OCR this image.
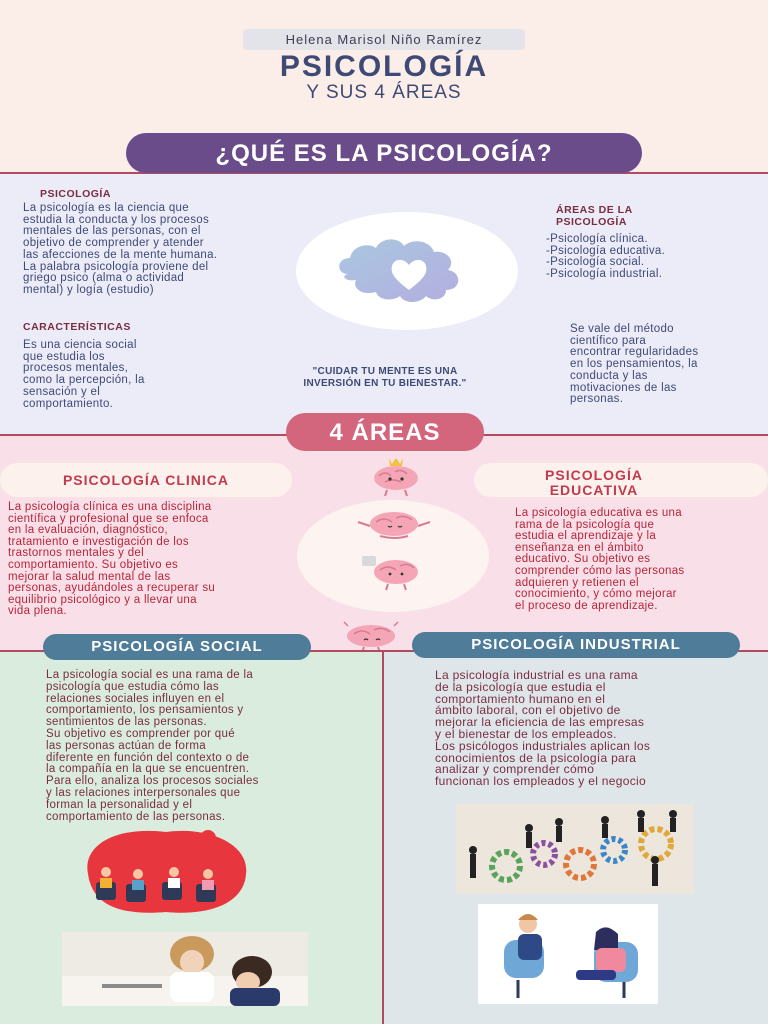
Helena Marisol Niño Ramírez
PSICOLOGÍA
Y SUS 4 ÁREAS
¿QUÉ ES LA PSICOLOGÍA?
PSICOLOGÍA
La psicología es la ciencia que
estudia la conducta y los procesos
mentales de las personas, con el
objetivo de comprender y atender
las afecciones de la mente humana.
La palabra psicología proviene del
griego psico (alma o actividad
mental) y logía (estudio)
ÁREAS DE LA
PSICOLOGÍA
-Psicología clínica.
-Psicología educativa.
-Psicología social.
-Psicología industrial.
CARACTERÍSTICAS
Es una ciencia social
que estudia los
procesos mentales,
como la percepción, la
sensación y el
comportamiento.
"CUIDAR TU MENTE ES UNA
INVERSIÓN EN TU BIENESTAR."
Se vale del método
científico para
encontrar regularidades
en los pensamientos, la
conducta y las
motivaciones de las
personas.
4 ÁREAS
PSICOLOGÍA CLINICA	PSICOLOGÍA
EDUCATIVA
La psicología clínica es una disciplina
científica y profesional que se enfoca
en la evaluación, diagnóstico,
tratamiento e investigación de los
trastornos mentales y del
comportamiento. Su objetivo es
mejorar la salud mental de las
personas, ayudándoles a recuperar su
equilibrio psicológico y a llevar una
vida plena.
La psicología educativa es una
rama de la psicología que
estudia el aprendizaje y la
enseñanza en el ámbito
educativo. Su objetivo es
comprender cómo las personas
adquieren y retienen el
conocimiento, y cómo mejorar
el proceso de aprendizaje.
PSICOLOGÍA SOCIAL
La psicología social es una rama de la
psicología que estudia cómo las
relaciones sociales influyen en el
comportamiento, los pensamientos y
sentimientos de las personas.
Su objetivo es comprender por qué
las personas actúan de forma
diferente en función del contexto o de
la compañía en la que se encuentren.
Para ello, analiza los procesos sociales
y las relaciones interpersonales que
forman la personalidad y el
comportamiento de las personas.
PSICOLOGÍA INDUSTRIAL
La psicología industrial es una rama
de la psicología que estudia el
comportamiento humano en el
ámbito laboral, con el objetivo de
mejorar la eficiencia de las empresas
y el bienestar de los empleados.
Los psicólogos industriales aplican los
conocimientos de la psicología para
analizar y comprender cómo
funcionan los empleados y el negocio
